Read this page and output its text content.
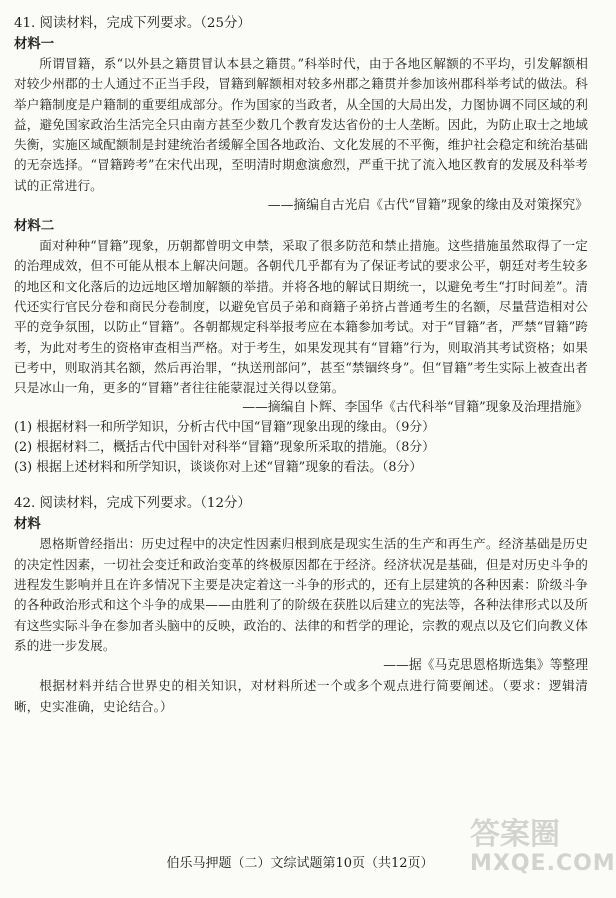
41. 阅读材料，完成下列要求。（25分）

材料一

所谓冒籍，系“以外县之籍贯冒认本县之籍贯。”科举时代，由于各地区解额的不平均，引发解额相对较少州郡的士人通过不正当手段，冒籍到解额相对较多州郡之籍贯并参加该州郡科举考试的做法。科举户籍制度是户籍制的重要组成部分。作为国家的当政者，从全国的大局出发，力图协调不同区域的利益，避免国家政治生活完全只由南方甚至少数几个教育发达省份的士人垄断。因此，为防止取士之地域失衡，实施区域配额制是封建统治者缓解全国各地政治、文化发展的不平衡，维护社会稳定和统治基础的无奈选择。“冒籍跨考”在宋代出现，至明清时期愈演愈烈，严重干扰了流入地区教育的发展及科举考试的正常进行。

——摘编自古光启《古代“冒籍”现象的缘由及对策探究》

材料二

面对种种“冒籍”现象，历朝都曾明文申禁，采取了很多防范和禁止措施。这些措施虽然取得了一定的治理成效，但不可能从根本上解决问题。各朝代几乎都有为了保证考试的要求公平，朝廷对考生较多的地区和文化落后的边远地区增加解额的举措。并将各地的解试日期统一，以避免考生“打时间差”。清代还实行官民分卷和商民分卷制度，以避免官员子弟和商籍子弟挤占普通考生的名额，尽量营造相对公平的竞争氛围，以防止“冒籍”。各朝都规定科举报考应在本籍参加考试。对于“冒籍”者，严禁“冒籍”跨考，为此对考生的资格审查相当严格。对于考生，如果发现其有“冒籍”行为，则取消其考试资格；如果已考中，则取消其名额，然后再治罪，“执送刑部问”，甚至“禁锢终身”。但“冒籍”考生实际上被查出者只是冰山一角，更多的“冒籍”者往往能蒙混过关得以登第。

——摘编自卜辉、李国华《古代科举“冒籍”现象及治理措施》

(1) 根据材料一和所学知识，分析古代中国“冒籍”现象出现的缘由。（9分）

(2) 根据材料二，概括古代中国针对科举“冒籍”现象所采取的措施。（8分）

(3) 根据上述材料和所学知识，谈谈你对上述“冒籍”现象的看法。（8分）

42. 阅读材料，完成下列要求。（12分）

材料

恩格斯曾经指出：历史过程中的决定性因素归根到底是现实生活的生产和再生产。经济基础是历史的决定性因素，一切社会变迁和政治变革的终极原因都在于经济。经济状况是基础，但是对历史斗争的进程发生影响并且在许多情况下主要是决定着这一斗争的形式的，还有上层建筑的各种因素：阶级斗争的各种政治形式和这个斗争的成果——由胜利了的阶级在获胜以后建立的宪法等，各种法律形式以及所有这些实际斗争在参加者头脑中的反映，政治的、法律的和哲学的理论，宗教的观点以及它们向教义体系的进一步发展。

——据《马克思恩格斯选集》等整理

根据材料并结合世界史的相关知识，对材料所述一个或多个观点进行简要阐述。（要求：逻辑清晰，史实准确，史论结合。）

伯乐马押题（二）文综试题第10页（共12页）
答案圈
MXQE.COM
